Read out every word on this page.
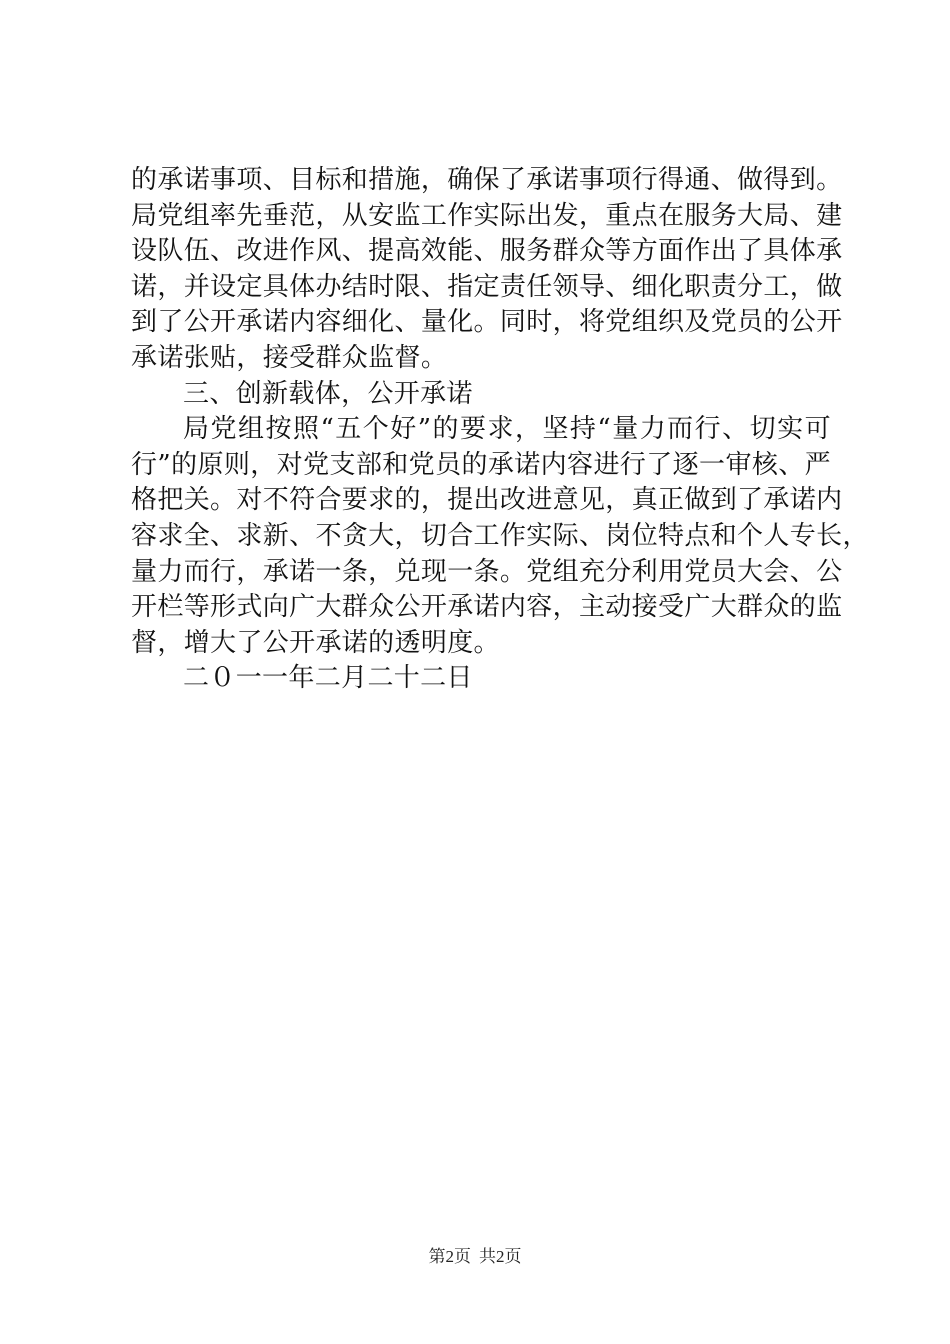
的承诺事项、目标和措施，确保了承诺事项行得通、做得到。
局党组率先垂范，从安监工作实际出发，重点在服务大局、建
设队伍、改进作风、提高效能、服务群众等方面作出了具体承
诺，并设定具体办结时限、指定责任领导、细化职责分工，做
到了公开承诺内容细化、量化。同时，将党组织及党员的公开
承诺张贴，接受群众监督。
三、创新载体，公开承诺
局党组按照“五个好”的要求，坚持“量力而行、切实可
行”的原则，对党支部和党员的承诺内容进行了逐一审核、严
格把关。对不符合要求的，提出改进意见，真正做到了承诺内
容求全、求新、不贪大，切合工作实际、岗位特点和个人专长，
量力而行，承诺一条，兑现一条。党组充分利用党员大会、公
开栏等形式向广大群众公开承诺内容，主动接受广大群众的监
督，增大了公开承诺的透明度。
二０一一年二月二十二日
第2页 共2页
